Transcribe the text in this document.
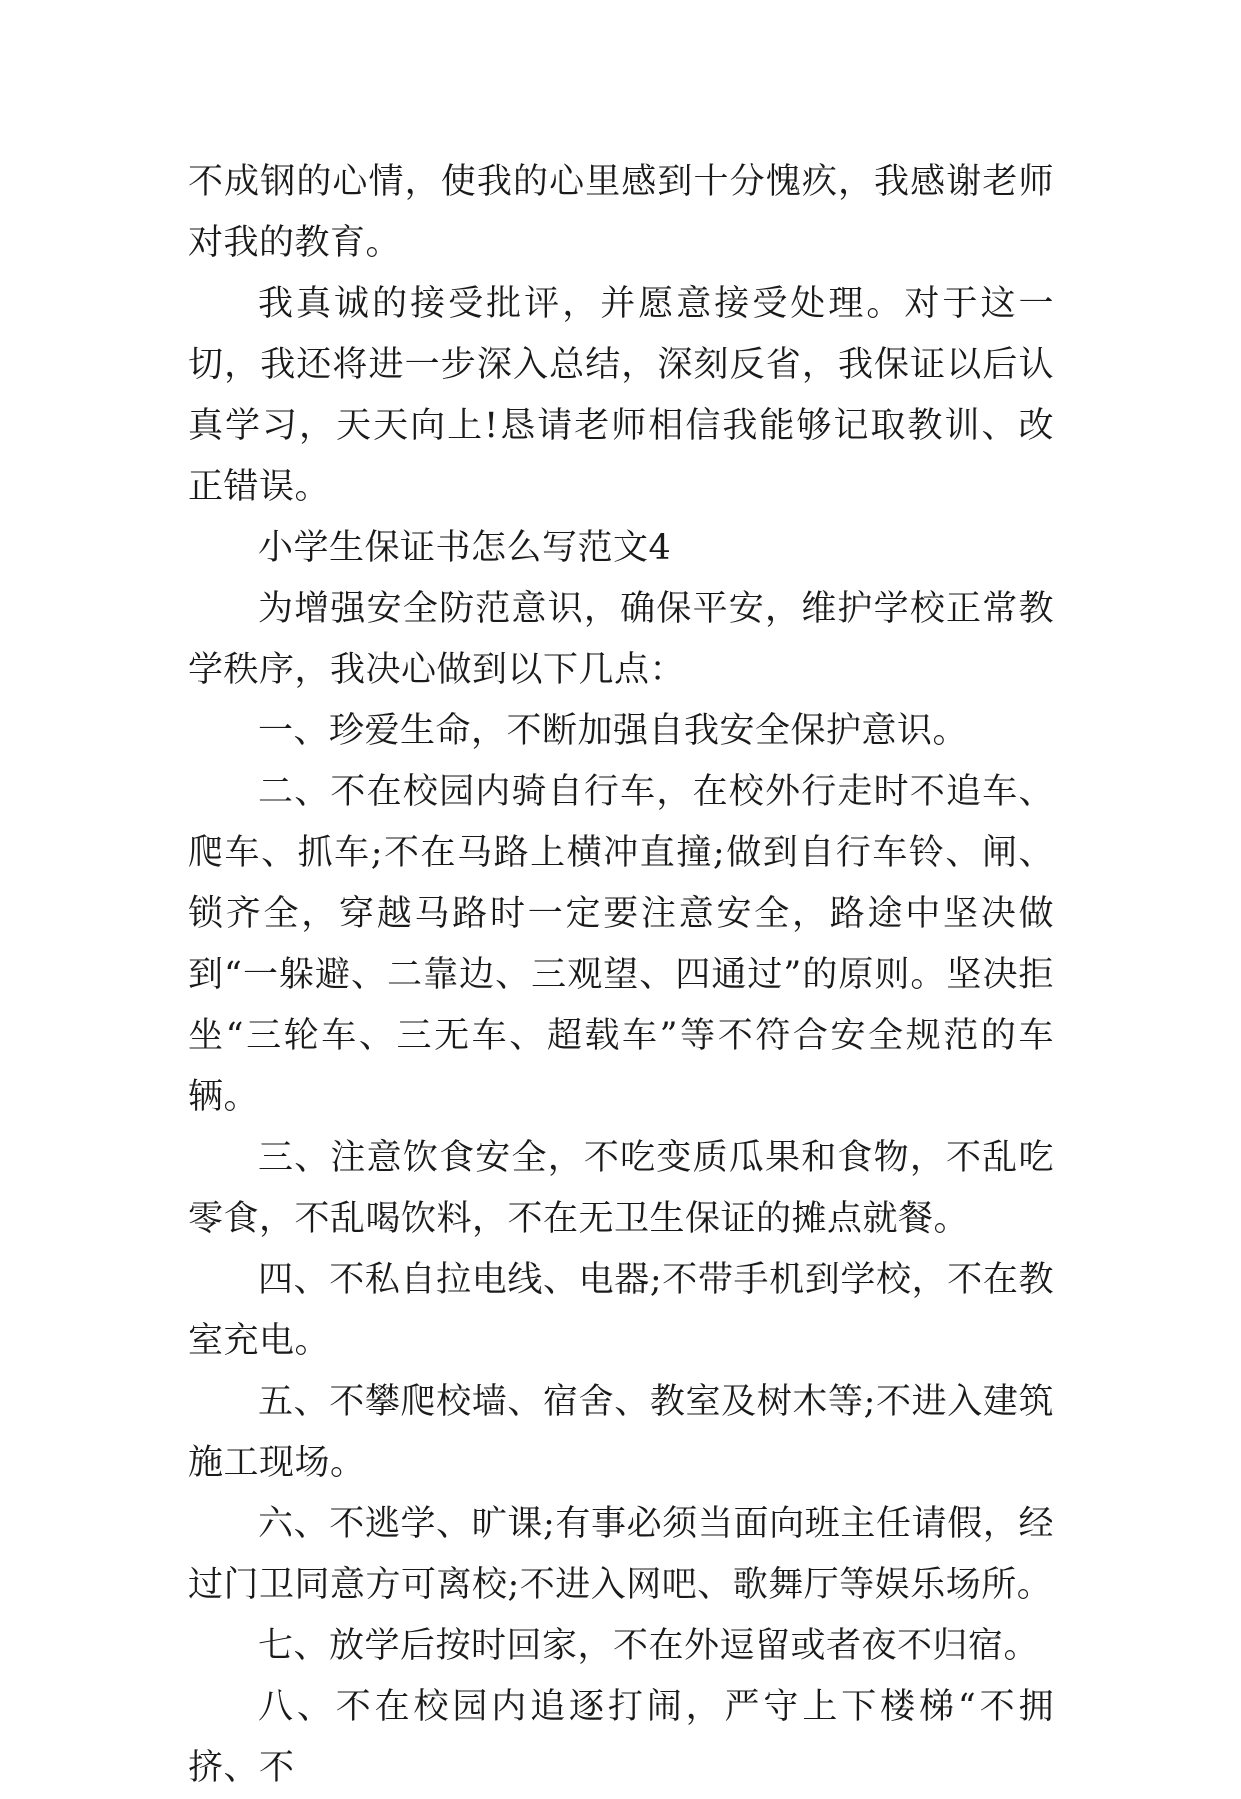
不成钢的心情，使我的心里感到十分愧疚，我感谢老师对我的教育。

我真诚的接受批评，并愿意接受处理。对于这一切，我还将进一步深入总结，深刻反省，我保证以后认真学习，天天向上!恳请老师相信我能够记取教训、改正错误。

小学生保证书怎么写范文4

为增强安全防范意识，确保平安，维护学校正常教学秩序，我决心做到以下几点：

一、珍爱生命，不断加强自我安全保护意识。

二、不在校园内骑自行车，在校外行走时不追车、爬车、抓车;不在马路上横冲直撞;做到自行车铃、闸、锁齐全，穿越马路时一定要注意安全，路途中坚决做到“一躲避、二靠边、三观望、四通过”的原则。坚决拒坐“三轮车、三无车、超载车”等不符合安全规范的车辆。

三、注意饮食安全，不吃变质瓜果和食物，不乱吃零食，不乱喝饮料，不在无卫生保证的摊点就餐。

四、不私自拉电线、电器;不带手机到学校，不在教室充电。

五、不攀爬校墙、宿舍、教室及树木等;不进入建筑施工现场。

六、不逃学、旷课;有事必须当面向班主任请假，经过门卫同意方可离校;不进入网吧、歌舞厅等娱乐场所。

七、放学后按时回家，不在外逗留或者夜不归宿。

八、不在校园内追逐打闹，严守上下楼梯“不拥挤、不
